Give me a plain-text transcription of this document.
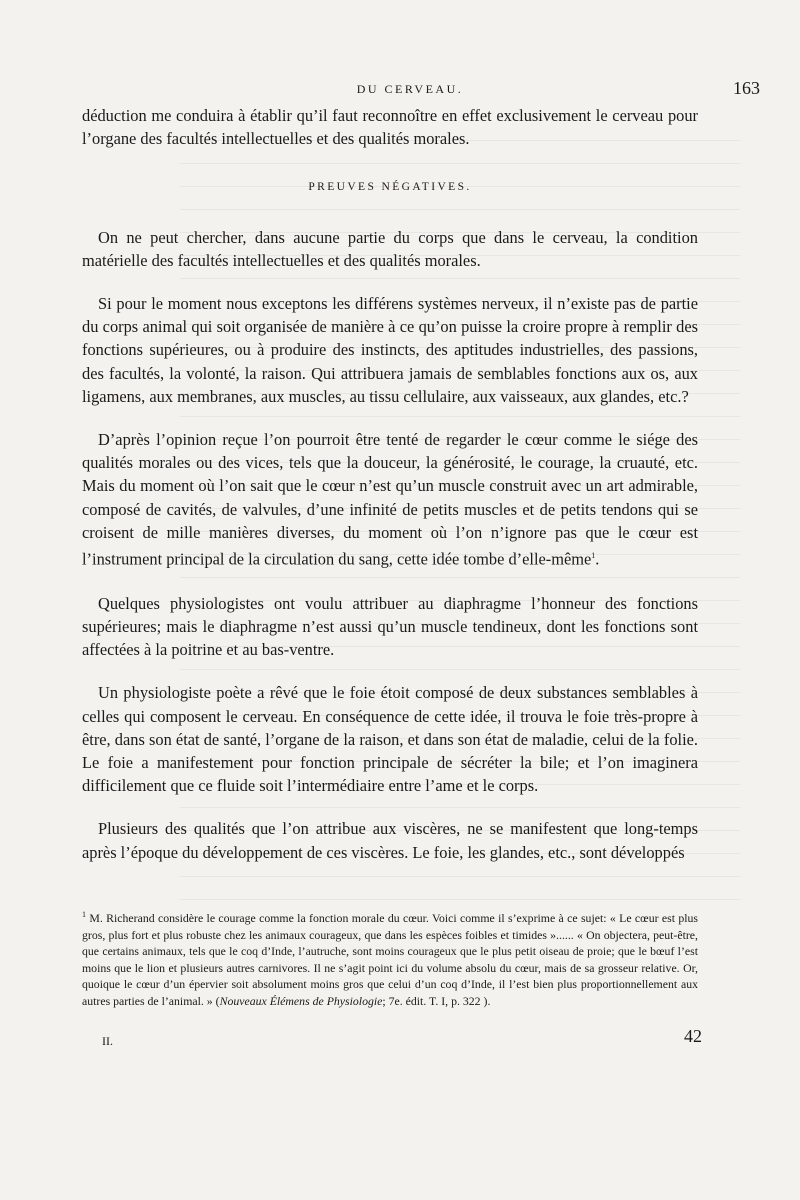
DU CERVEAU.	163

déduction me conduira à établir qu’il faut reconnoître en effet exclusivement le cerveau pour l’organe des facultés intellectuelles et des qualités morales.

PREUVES NÉGATIVES.

On ne peut chercher, dans aucune partie du corps que dans le cerveau, la condition matérielle des facultés intellectuelles et des qualités morales.

Si pour le moment nous exceptons les différens systèmes nerveux, il n’existe pas de partie du corps animal qui soit organisée de manière à ce qu’on puisse la croire propre à remplir des fonctions supérieures, ou à produire des instincts, des aptitudes industrielles, des passions, des facultés, la volonté, la raison. Qui attribuera jamais de semblables fonctions aux os, aux ligamens, aux membranes, aux muscles, au tissu cellulaire, aux vaisseaux, aux glandes, etc.?

D’après l’opinion reçue l’on pourroit être tenté de regarder le cœur comme le siége des qualités morales ou des vices, tels que la douceur, la générosité, le courage, la cruauté, etc. Mais du moment où l’on sait que le cœur n’est qu’un muscle construit avec un art admirable, composé de cavités, de valvules, d’une infinité de petits muscles et de petits tendons qui se croisent de mille manières diverses, du moment où l’on n’ignore pas que le cœur est l’instrument principal de la circulation du sang, cette idée tombe d’elle-même$^1$.

Quelques physiologistes ont voulu attribuer au diaphragme l’honneur des fonctions supérieures; mais le diaphragme n’est aussi qu’un muscle tendineux, dont les fonctions sont affectées à la poitrine et au bas-ventre.

Un physiologiste poète a rêvé que le foie étoit composé de deux substances semblables à celles qui composent le cerveau. En conséquence de cette idée, il trouva le foie très-propre à être, dans son état de santé, l’organe de la raison, et dans son état de maladie, celui de la folie. Le foie a manifestement pour fonction principale de sécréter la bile; et l’on imaginera difficilement que ce fluide soit l’intermédiaire entre l’ame et le corps.

Plusieurs des qualités que l’on attribue aux viscères, ne se manifestent que long-temps après l’époque du développement de ces viscères. Le foie, les glandes, etc., sont développés

$^1$ M. Richerand considère le courage comme la fonction morale du cœur. Voici comme il s’exprime à ce sujet: « Le cœur est plus gros, plus fort et plus robuste chez les animaux courageux, que dans les espèces foibles et timides »...... « On objectera, peut-être, que certains animaux, tels que le coq d’Inde, l’autruche, sont moins courageux que le plus petit oiseau de proie; que le bœuf l’est moins que le lion et plusieurs autres carnivores. Il ne s’agit point ici du volume absolu du cœur, mais de sa grosseur relative. Or, quoique le cœur d’un épervier soit absolument moins gros que celui d’un coq d’Inde, il l’est bien plus proportionnellement aux autres parties de l’animal. » (Nouveaux Élémens de Physiologie; 7e. édit. T. I, p. 322 ).

II.	42
